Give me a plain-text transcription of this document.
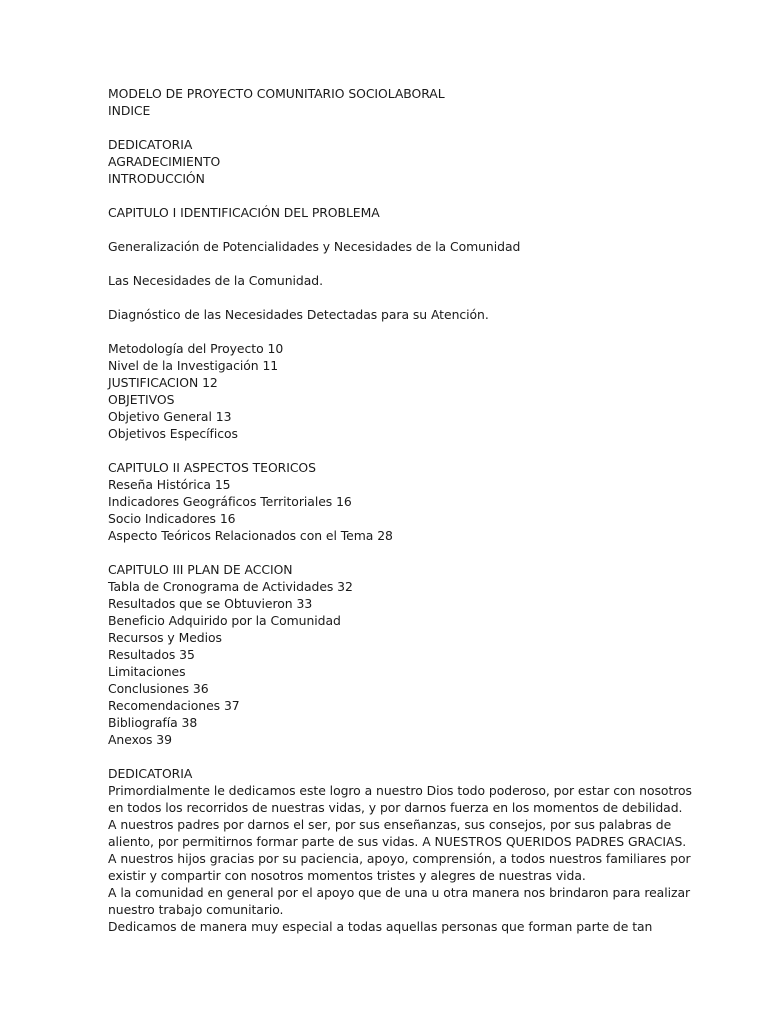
MODELO DE PROYECTO COMUNITARIO SOCIOLABORAL
INDICE
DEDICATORIA
AGRADECIMIENTO
INTRODUCCIÓN
CAPITULO I IDENTIFICACIÓN DEL PROBLEMA
Generalización de Potencialidades y Necesidades de la Comunidad
Las Necesidades de la Comunidad.
Diagnóstico de las Necesidades Detectadas para su Atención.
Metodología del Proyecto 10
Nivel de la Investigación 11
JUSTIFICACION 12
OBJETIVOS
Objetivo General 13
Objetivos Específicos
CAPITULO II ASPECTOS TEORICOS
Reseña Histórica 15
Indicadores Geográficos Territoriales 16
Socio Indicadores 16
Aspecto Teóricos Relacionados con el Tema 28
CAPITULO III PLAN DE ACCION
Tabla de Cronograma de Actividades 32
Resultados que se Obtuvieron 33
Beneficio Adquirido por la Comunidad
Recursos y Medios
Resultados 35
Limitaciones
Conclusiones 36
Recomendaciones 37
Bibliografía 38
Anexos 39
DEDICATORIA
Primordialmente le dedicamos este logro a nuestro Dios todo poderoso, por estar con nosotros
en todos los recorridos de nuestras vidas, y por darnos fuerza en los momentos de debilidad.
A nuestros padres por darnos el ser, por sus enseñanzas, sus consejos, por sus palabras de
aliento, por permitirnos formar parte de sus vidas. A NUESTROS QUERIDOS PADRES GRACIAS.
A nuestros hijos gracias por su paciencia, apoyo, comprensión, a todos nuestros familiares por
existir y compartir con nosotros momentos tristes y alegres de nuestras vida.
A la comunidad en general por el apoyo que de una u otra manera nos brindaron para realizar
nuestro trabajo comunitario.
Dedicamos de manera muy especial a todas aquellas personas que forman parte de tan
